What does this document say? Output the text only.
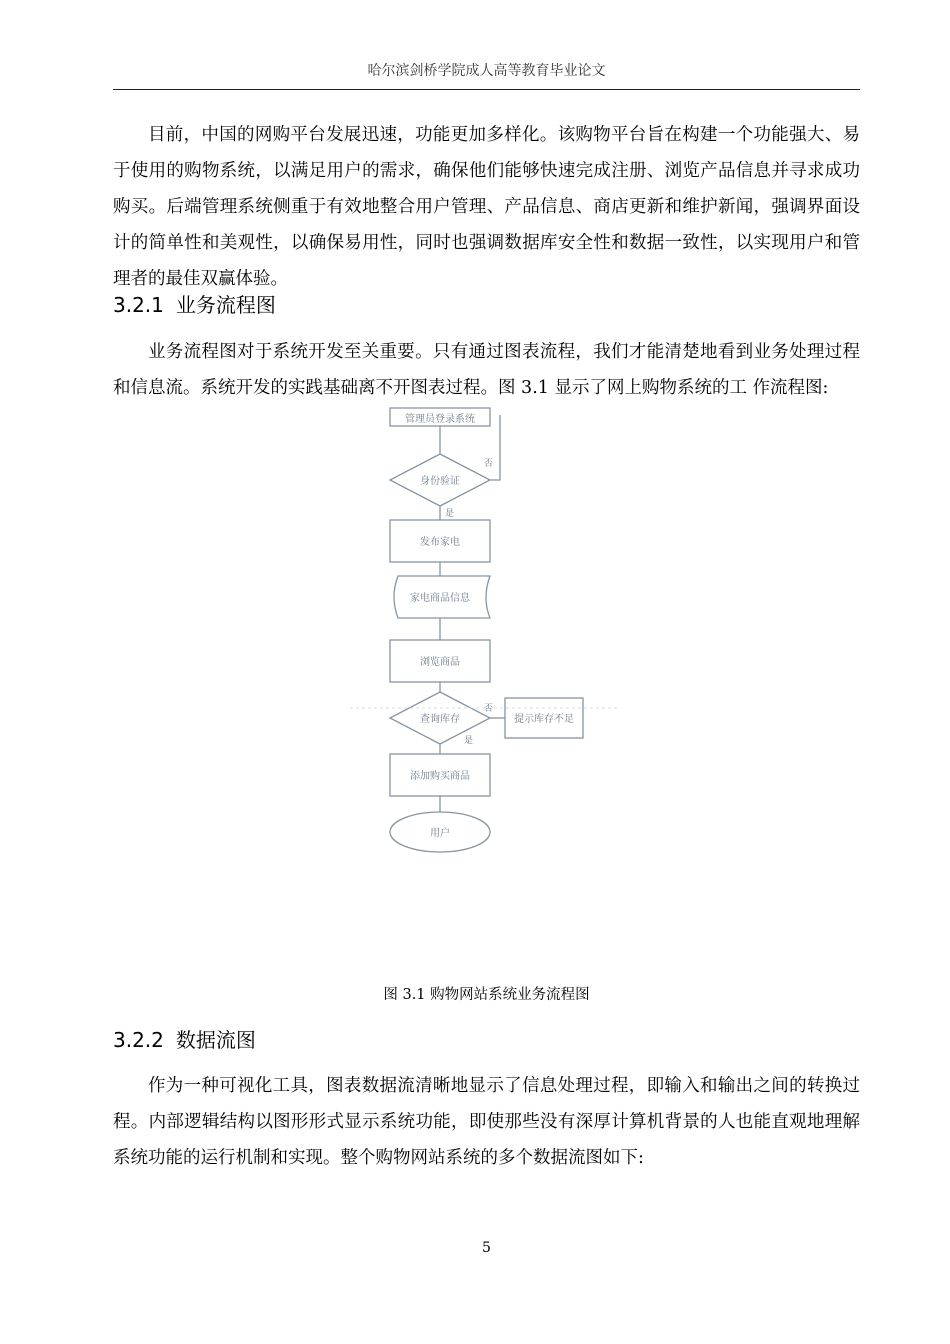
哈尔滨剑桥学院成人高等教育毕业论文

目前，中国的网购平台发展迅速，功能更加多样化。该购物平台旨在构建一个功能强大、易于使用的购物系统，以满足用户的需求，确保他们能够快速完成注册、浏览产品信息并寻求成功购买。后端管理系统侧重于有效地整合用户管理、产品信息、商店更新和维护新闻，强调界面设计的简单性和美观性，以确保易用性，同时也强调数据库安全性和数据一致性，以实现用户和管理者的最佳双赢体验。

3.2.1 业务流程图

业务流程图对于系统开发至关重要。只有通过图表流程，我们才能清楚地看到业务处理过程和信息流。系统开发的实践基础离不开图表过程。图 3.1 显示了网上购物系统的工 作流程图:

管理员登录系统
身份验证
否
是
发布家电
家电商品信息
浏览商品
查询库存
否
提示库存不足
是
添加购买商品
用户
图 3.1 购物网站系统业务流程图
3.2.2 数据流图

作为一种可视化工具，图表数据流清晰地显示了信息处理过程，即输入和输出之间的转换过程。内部逻辑结构以图形形式显示系统功能，即使那些没有深厚计算机背景的人也能直观地理解系统功能的运行机制和实现。整个购物网站系统的多个数据流图如下:

5
